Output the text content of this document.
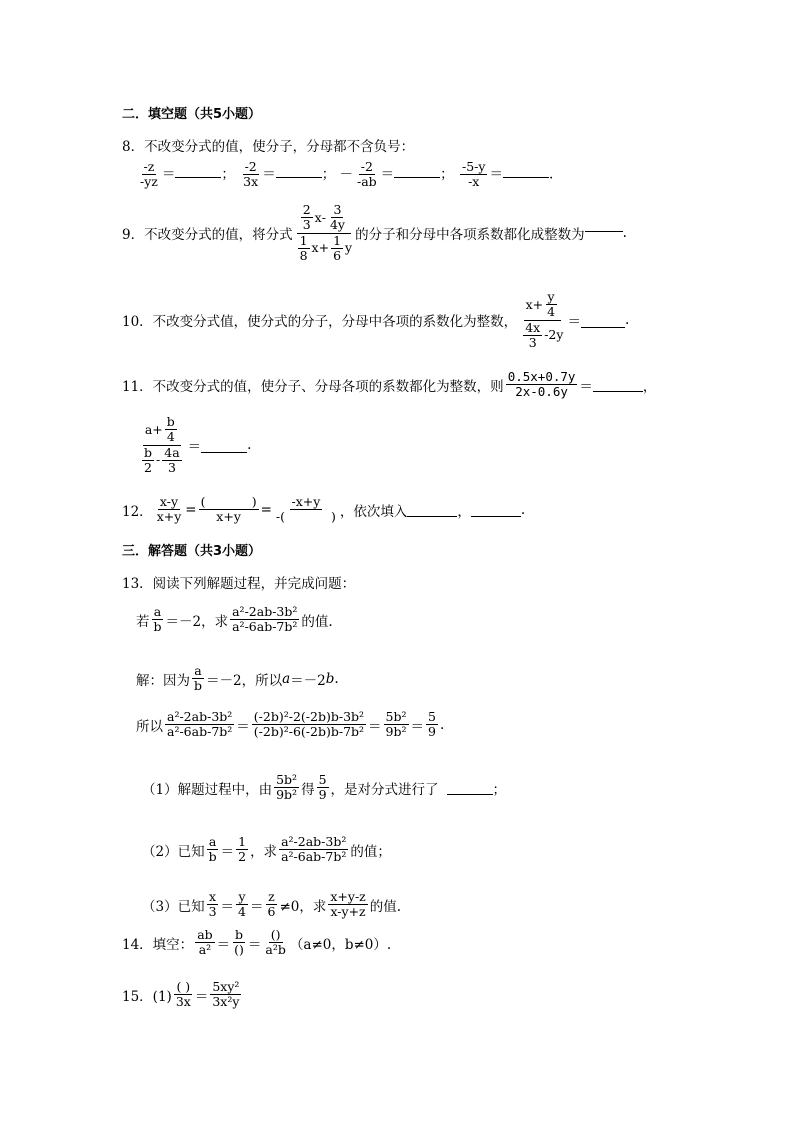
二．填空题（共5小题）
8．不改变分式的值，使分子，分母都不含负号：
$\frac{-z}{-yz}$ ＝	； $\frac{-2}{3x}$ ＝	； － $\frac{-2}{-ab}$ ＝	； $\frac{-5-y}{-x}$ ＝	.
9．不改变分式的值，将分式 $\frac{\frac{2}{3} x - \frac{3}{4y}}{\frac{1}{8} x+ \frac{1}{6} y}$ 的分子和分母中各项系数都化成整数为	.
10．不改变分式值，使分式的分子，分母中各项的系数化为整数， $\frac{x+ \frac{y}{4}}{\frac{4x}{3} -2y}$ ＝	.
11．不改变分式的值，使分子、分母各项的系数都化为整数，则 $\frac{0.5x+0.7y}{2x-0.6y}$ ＝	，
$\frac{a+ \frac{b}{4}}{\frac{b}{2} - \frac{4a}{3}}$ ＝	.
12． $\frac{x-y}{x+y}$ = (	)
x+y = -x+y
-(	) ，依次填入	，	.
三．解答题（共3小题）
13．阅读下列解题过程，并完成问题：
若 $\frac{a}{b} =-2$，求 $\frac{\text{a²-2ab-3b²}}{\text{a²-6ab-7b²}}$ 的值.
解：因为 $\frac{a}{b} =-2$，所以 a ＝－2 b .
所以 $\frac{\text{a²-2ab-3b²}}{\text{a²-6ab-7b²}} = \frac{\text{(-2b)²-2(-2b)b-3b²}}{\text{(-2b)²-6(-2b)b-7b²}} = \frac{\text{5b²}}{\text{9b²}} = \frac{5}{9}$ .
（1）解题过程中，由 $\frac{\text{5b²}}{\text{9b²}}$ 得 $\frac{5}{9}$ ，是对分式进行了	；
（2）已知 $\frac{a}{b} = \frac{1}{2}$ ，求 $\frac{\text{a²-2ab-3b²}}{\text{a²-6ab-7b²}}$ 的值；
（3）已知 $\frac{x}{3} = \frac{y}{4} = \frac{z}{6} \ne 0$，求 $\frac{x+y-z}{x-y+z}$ 的值.
14．填空： $\frac{ab}{\text{a²}} = \frac{b}{()} = \frac{()}{\text{a²b}} (a\ne 0$，b≠0）.
15．$(1) \frac{( )}{3x} = \frac{\text{5xy²}}{\text{3x²y}}$
